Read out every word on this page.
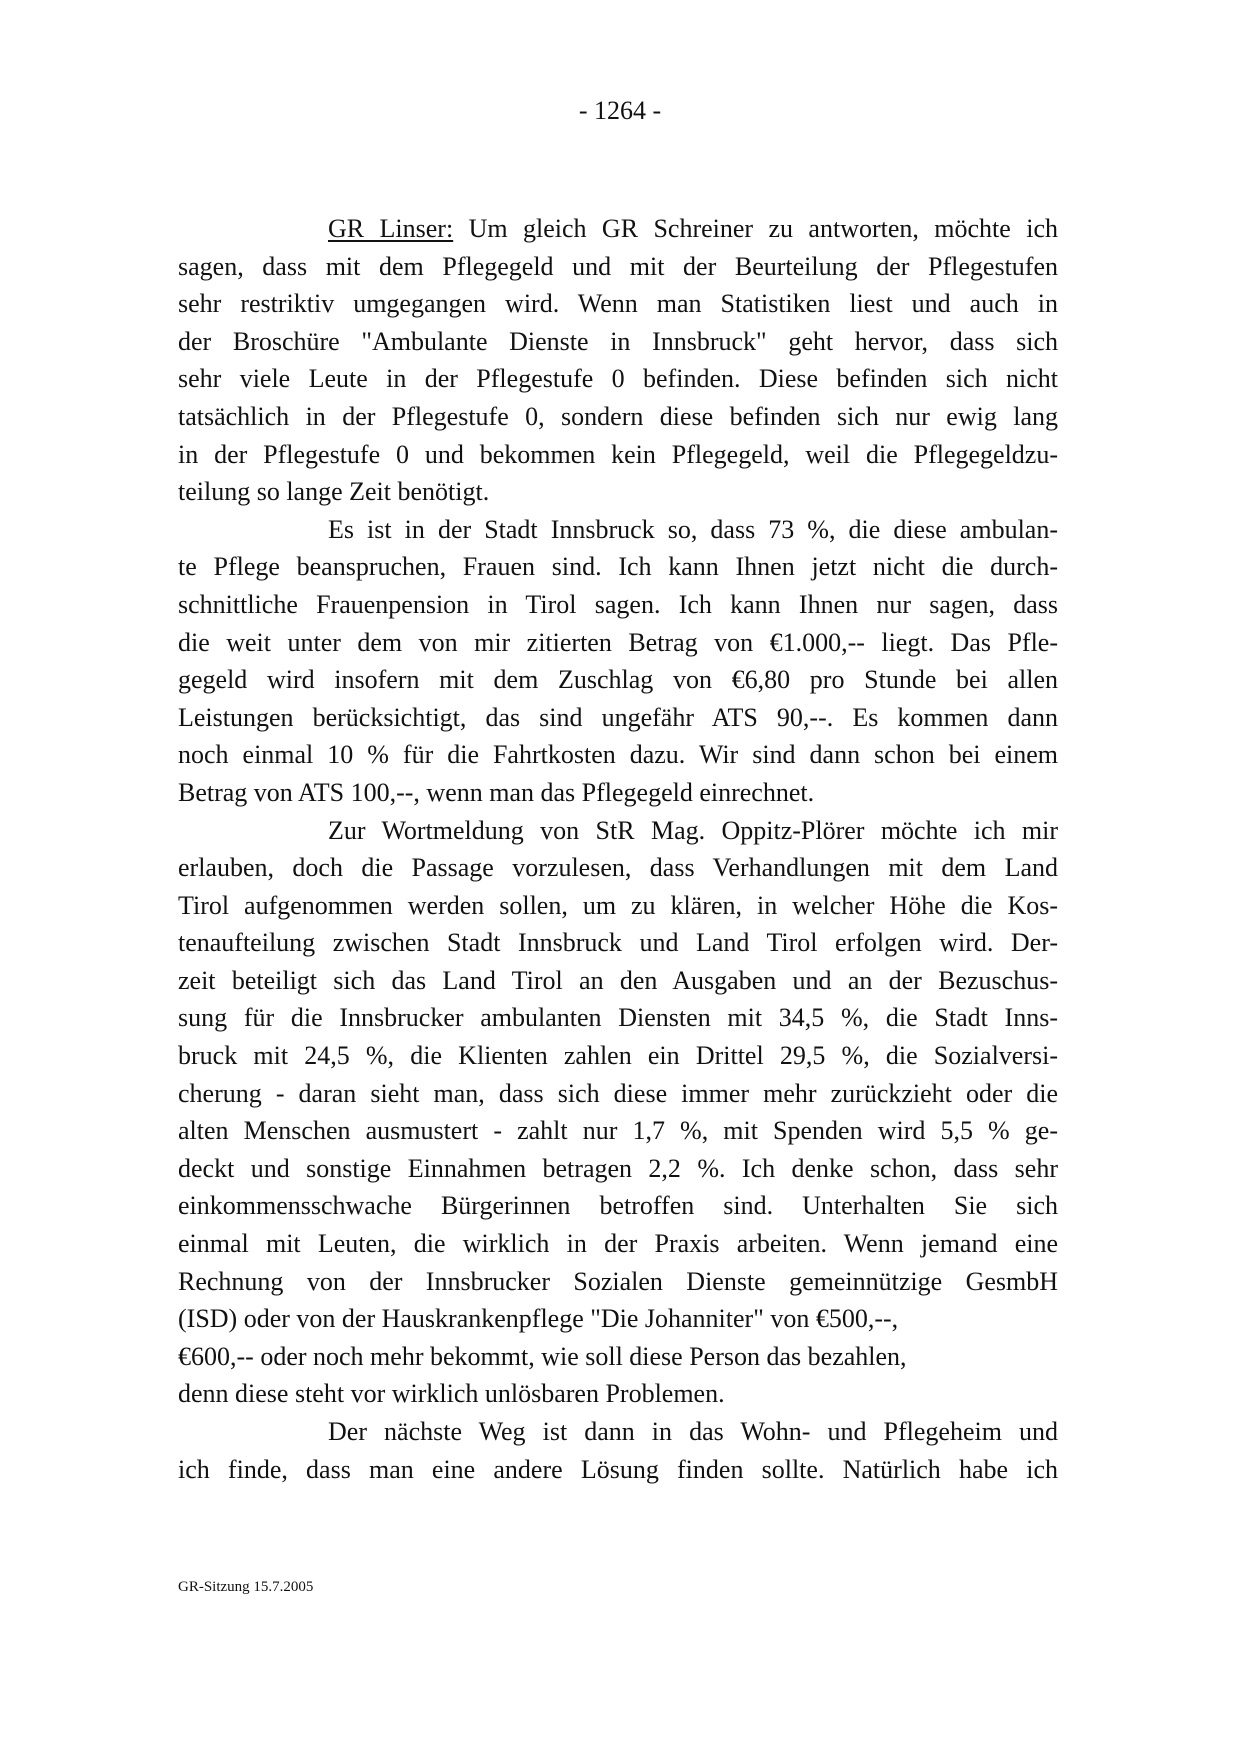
- 1264 -
GR Linser: Um gleich GR Schreiner zu antworten, möchte ich
sagen, dass mit dem Pflegegeld und mit der Beurteilung der Pflegestufen
sehr restriktiv umgegangen wird. Wenn man Statistiken liest und auch in
der Broschüre "Ambulante Dienste in Innsbruck" geht hervor, dass sich
sehr viele Leute in der Pflegestufe 0 befinden. Diese befinden sich nicht
tatsächlich in der Pflegestufe 0, sondern diese befinden sich nur ewig lang
in der Pflegestufe 0 und bekommen kein Pflegegeld, weil die Pflegegeldzu-
teilung so lange Zeit benötigt.
Es ist in der Stadt Innsbruck so, dass 73 %, die diese ambulan-
te Pflege beanspruchen, Frauen sind. Ich kann Ihnen jetzt nicht die durch-
schnittliche Frauenpension in Tirol sagen. Ich kann Ihnen nur sagen, dass
die weit unter dem von mir zitierten Betrag von €1.000,-- liegt. Das Pfle-
gegeld wird insofern mit dem Zuschlag von €6,80 pro Stunde bei allen
Leistungen berücksichtigt, das sind ungefähr ATS 90,--. Es kommen dann
noch einmal 10 % für die Fahrtkosten dazu. Wir sind dann schon bei einem
Betrag von ATS 100,--, wenn man das Pflegegeld einrechnet.
Zur Wortmeldung von StR Mag. Oppitz-Plörer möchte ich mir
erlauben, doch die Passage vorzulesen, dass Verhandlungen mit dem Land
Tirol aufgenommen werden sollen, um zu klären, in welcher Höhe die Kos-
tenaufteilung zwischen Stadt Innsbruck und Land Tirol erfolgen wird. Der-
zeit beteiligt sich das Land Tirol an den Ausgaben und an der Bezuschus-
sung für die Innsbrucker ambulanten Diensten mit 34,5 %, die Stadt Inns-
bruck mit 24,5 %, die Klienten zahlen ein Drittel 29,5 %, die Sozialversi-
cherung - daran sieht man, dass sich diese immer mehr zurückzieht oder die
alten Menschen ausmustert - zahlt nur 1,7 %, mit Spenden wird 5,5 % ge-
deckt und sonstige Einnahmen betragen 2,2 %. Ich denke schon, dass sehr
einkommensschwache Bürgerinnen betroffen sind. Unterhalten Sie sich
einmal mit Leuten, die wirklich in der Praxis arbeiten. Wenn jemand eine
Rechnung von der Innsbrucker Sozialen Dienste gemeinnützige GesmbH
(ISD) oder von der Hauskrankenpflege "Die Johanniter" von €500,--,
€600,-- oder noch mehr bekommt, wie soll diese Person das bezahlen,
denn diese steht vor wirklich unlösbaren Problemen.
Der nächste Weg ist dann in das Wohn- und Pflegeheim und
ich finde, dass man eine andere Lösung finden sollte. Natürlich habe ich
GR-Sitzung 15.7.2005
